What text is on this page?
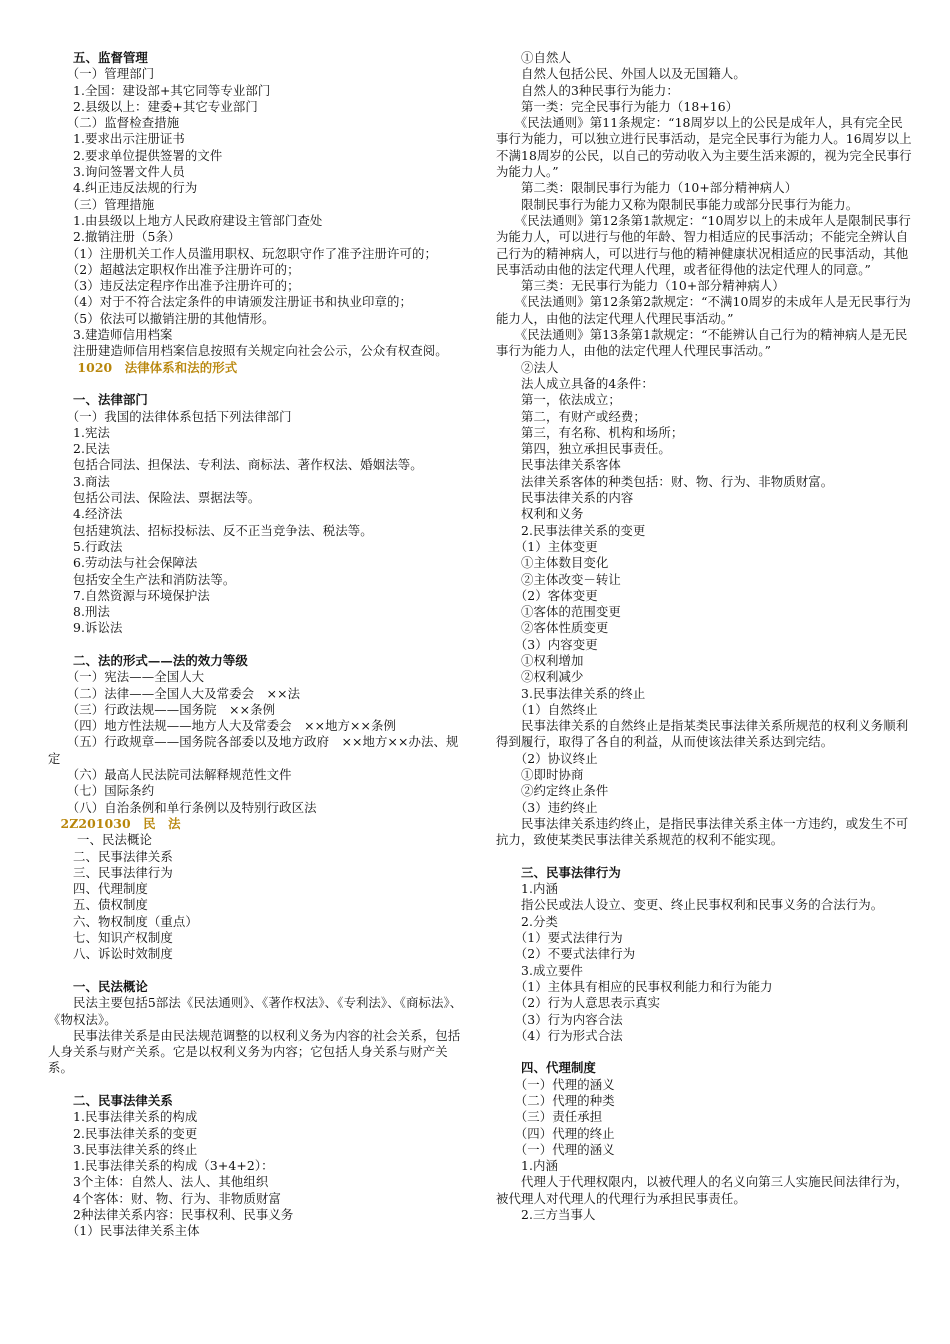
　　五、监督管理
　　（一）管理部门
　　1.全国：建设部+其它同等专业部门
　　2.县级以上：建委+其它专业部门
　　（二）监督检查措施
　　1.要求出示注册证书
　　2.要求单位提供签署的文件
　　3.询问签署文件人员
　　4.纠正违反法规的行为
　　（三）管理措施
　　1.由县级以上地方人民政府建设主管部门查处
　　2.撤销注册（5条）
　　（1）注册机关工作人员滥用职权、玩忽职守作了准予注册许可的；
　　（2）超越法定职权作出准予注册许可的；
　　（3）违反法定程序作出准予注册许可的；
　　（4）对于不符合法定条件的申请颁发注册证书和执业印章的；
　　（5）依法可以撤销注册的其他情形。
　　3.建造师信用档案
　　注册建造师信用档案信息按照有关规定向社会公示，公众有权查阅。
　　 1020　法律体系和法的形式
　　一、法律部门
　　（一）我国的法律体系包括下列法律部门
　　1.宪法
　　2.民法
　　包括合同法、担保法、专利法、商标法、著作权法、婚姻法等。
　　3.商法
　　包括公司法、保险法、票据法等。
　　4.经济法
　　包括建筑法、招标投标法、反不正当竞争法、税法等。
　　5.行政法
　　6.劳动法与社会保障法
　　包括安全生产法和消防法等。
　　7.自然资源与环境保护法
　　8.刑法
　　9.诉讼法
　　二、法的形式——法的效力等级
　　（一）宪法——全国人大
　　（二）法律——全国人大及常委会　××法
　　（三）行政法规——国务院　××条例
　　（四）地方性法规——地方人大及常委会　××地方××条例
　　（五）行政规章——国务院各部委以及地方政府　××地方××办法、规定
　　（六）最高人民法院司法解释规范性文件
　　（七）国际条约
　　（八）自治条例和单行条例以及特别行政区法
　2Z201030　民　法
　　 一、民法概论
　　二、民事法律关系
　　三、民事法律行为
　　四、代理制度
　　五、债权制度
　　六、物权制度（重点）
　　七、知识产权制度
　　八、诉讼时效制度
　　一、民法概论
　　民法主要包括5部法《民法通则》、《著作权法》、《专利法》、《商标法》、《物权法》。
　　民事法律关系是由民法规范调整的以权利义务为内容的社会关系，包括人身关系与财产关系。它是以权利义务为内容；它包括人身关系与财产关系。
　　二、民事法律关系
　　1.民事法律关系的构成
　　2.民事法律关系的变更
　　3.民事法律关系的终止
　　1.民事法律关系的构成（3+4+2）：
　　3个主体：自然人、法人、其他组织
　　4个客体：财、物、行为、非物质财富
　　2种法律关系内容：民事权利、民事义务
　　（1）民事法律关系主体
　　①自然人
　　自然人包括公民、外国人以及无国籍人。
　　自然人的3种民事行为能力：
　　第一类：完全民事行为能力（18+16）
　　《民法通则》第11条规定：“18周岁以上的公民是成年人，具有完全民事行为能力，可以独立进行民事活动，是完全民事行为能力人。16周岁以上不满18周岁的公民，以自己的劳动收入为主要生活来源的，视为完全民事行为能力人。”
　　第二类：限制民事行为能力（10+部分精神病人）
　　限制民事行为能力又称为限制民事能力或部分民事行为能力。
　　《民法通则》第12条第1款规定：“10周岁以上的未成年人是限制民事行为能力人，可以进行与他的年龄、智力相适应的民事活动；不能完全辨认自己行为的精神病人，可以进行与他的精神健康状况相适应的民事活动，其他民事活动由他的法定代理人代理，或者征得他的法定代理人的同意。”
　　第三类：无民事行为能力（10+部分精神病人）
　　《民法通则》第12条第2款规定：“不满10周岁的未成年人是无民事行为能力人，由他的法定代理人代理民事活动。”
　　《民法通则》第13条第1款规定：“不能辨认自己行为的精神病人是无民事行为能力人，由他的法定代理人代理民事活动。”
　　②法人
　　法人成立具备的4条件：
　　第一，依法成立；
　　第二，有财产或经费；
　　第三，有名称、机构和场所；
　　第四，独立承担民事责任。
　　民事法律关系客体
　　法律关系客体的种类包括：财、物、行为、非物质财富。
　　民事法律关系的内容
　　权利和义务
　　2.民事法律关系的变更
　　（1）主体变更
　　①主体数目变化
　　②主体改变－转让
　　（2）客体变更
　　①客体的范围变更
　　②客体性质变更
　　（3）内容变更
　　①权利增加
　　②权利减少
　　3.民事法律关系的终止
　　（1）自然终止
　　民事法律关系的自然终止是指某类民事法律关系所规范的权利义务顺利得到履行，取得了各自的利益，从而使该法律关系达到完结。
　　（2）协议终止
　　①即时协商
　　②约定终止条件
　　（3）违约终止
　　民事法律关系违约终止，是指民事法律关系主体一方违约，或发生不可抗力，致使某类民事法律关系规范的权利不能实现。
　　三、民事法律行为
　　1.内涵
　　指公民或法人设立、变更、终止民事权利和民事义务的合法行为。
　　2.分类
　　（1）要式法律行为
　　（2）不要式法律行为
　　3.成立要件
　　（1）主体具有相应的民事权利能力和行为能力
　　（2）行为人意思表示真实
　　（3）行为内容合法
　　（4）行为形式合法
　　四、代理制度
　　（一）代理的涵义
　　（二）代理的种类
　　（三）责任承担
　　（四）代理的终止
　　（一）代理的涵义
　　1.内涵
　　代理人于代理权限内，以被代理人的名义向第三人实施民间法律行为，被代理人对代理人的代理行为承担民事责任。
　　2.三方当事人
